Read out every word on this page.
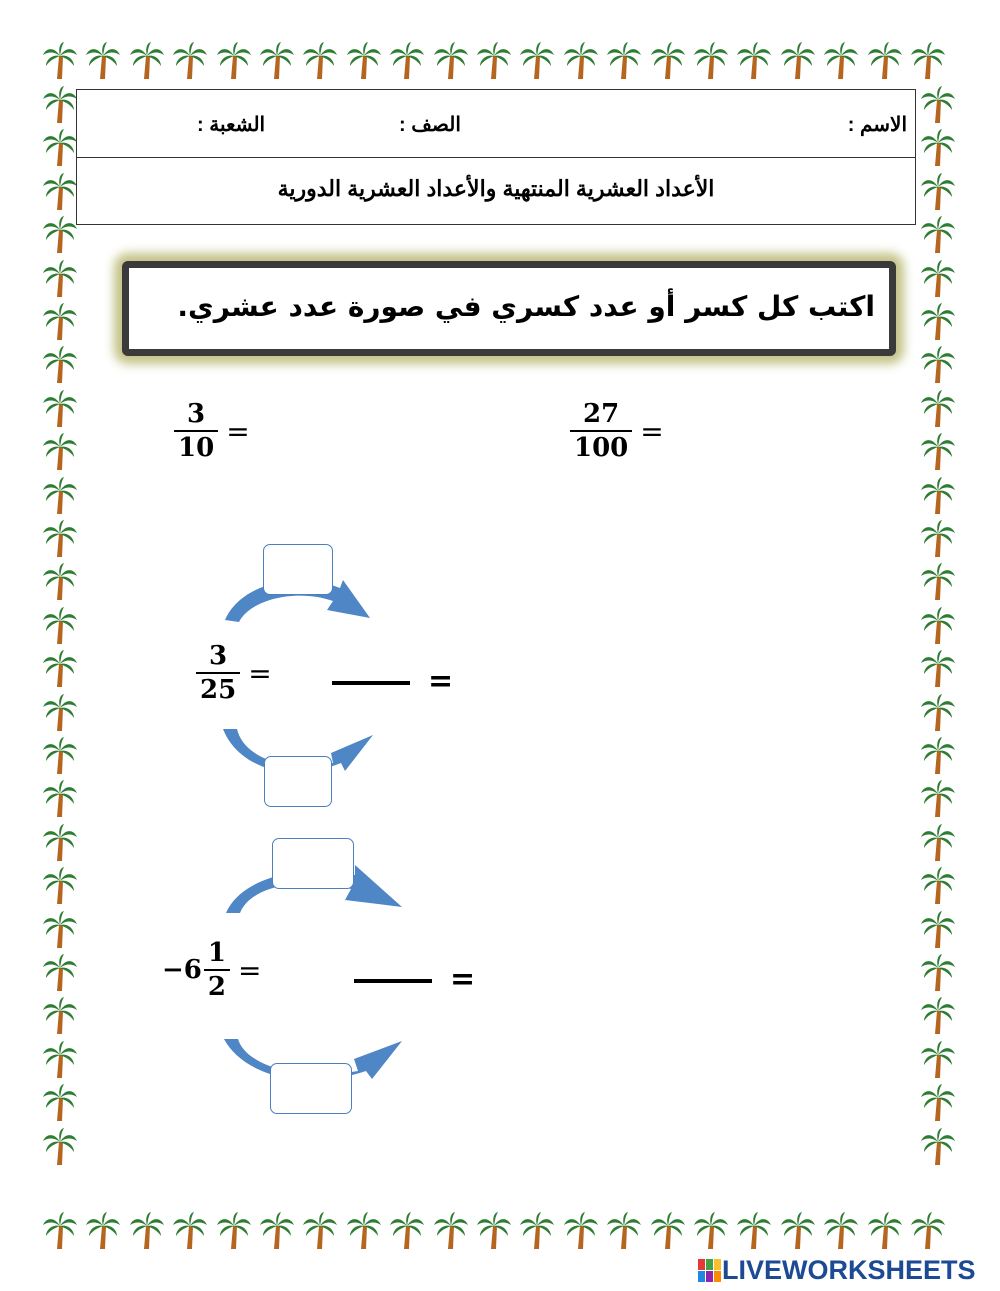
الاسم :
الصف :
الشعبة :
الأعداد العشرية المنتهية والأعداد العشرية الدورية
اكتب كل كسر أو عدد كسري في صورة عدد عشري.
$\frac{3}{10}$ =	$\frac{27}{100}$ =
$\frac{3}{25}$ =	=
$-6 \frac{1}{2}$ =	=
LIVEWORKSHEETS
